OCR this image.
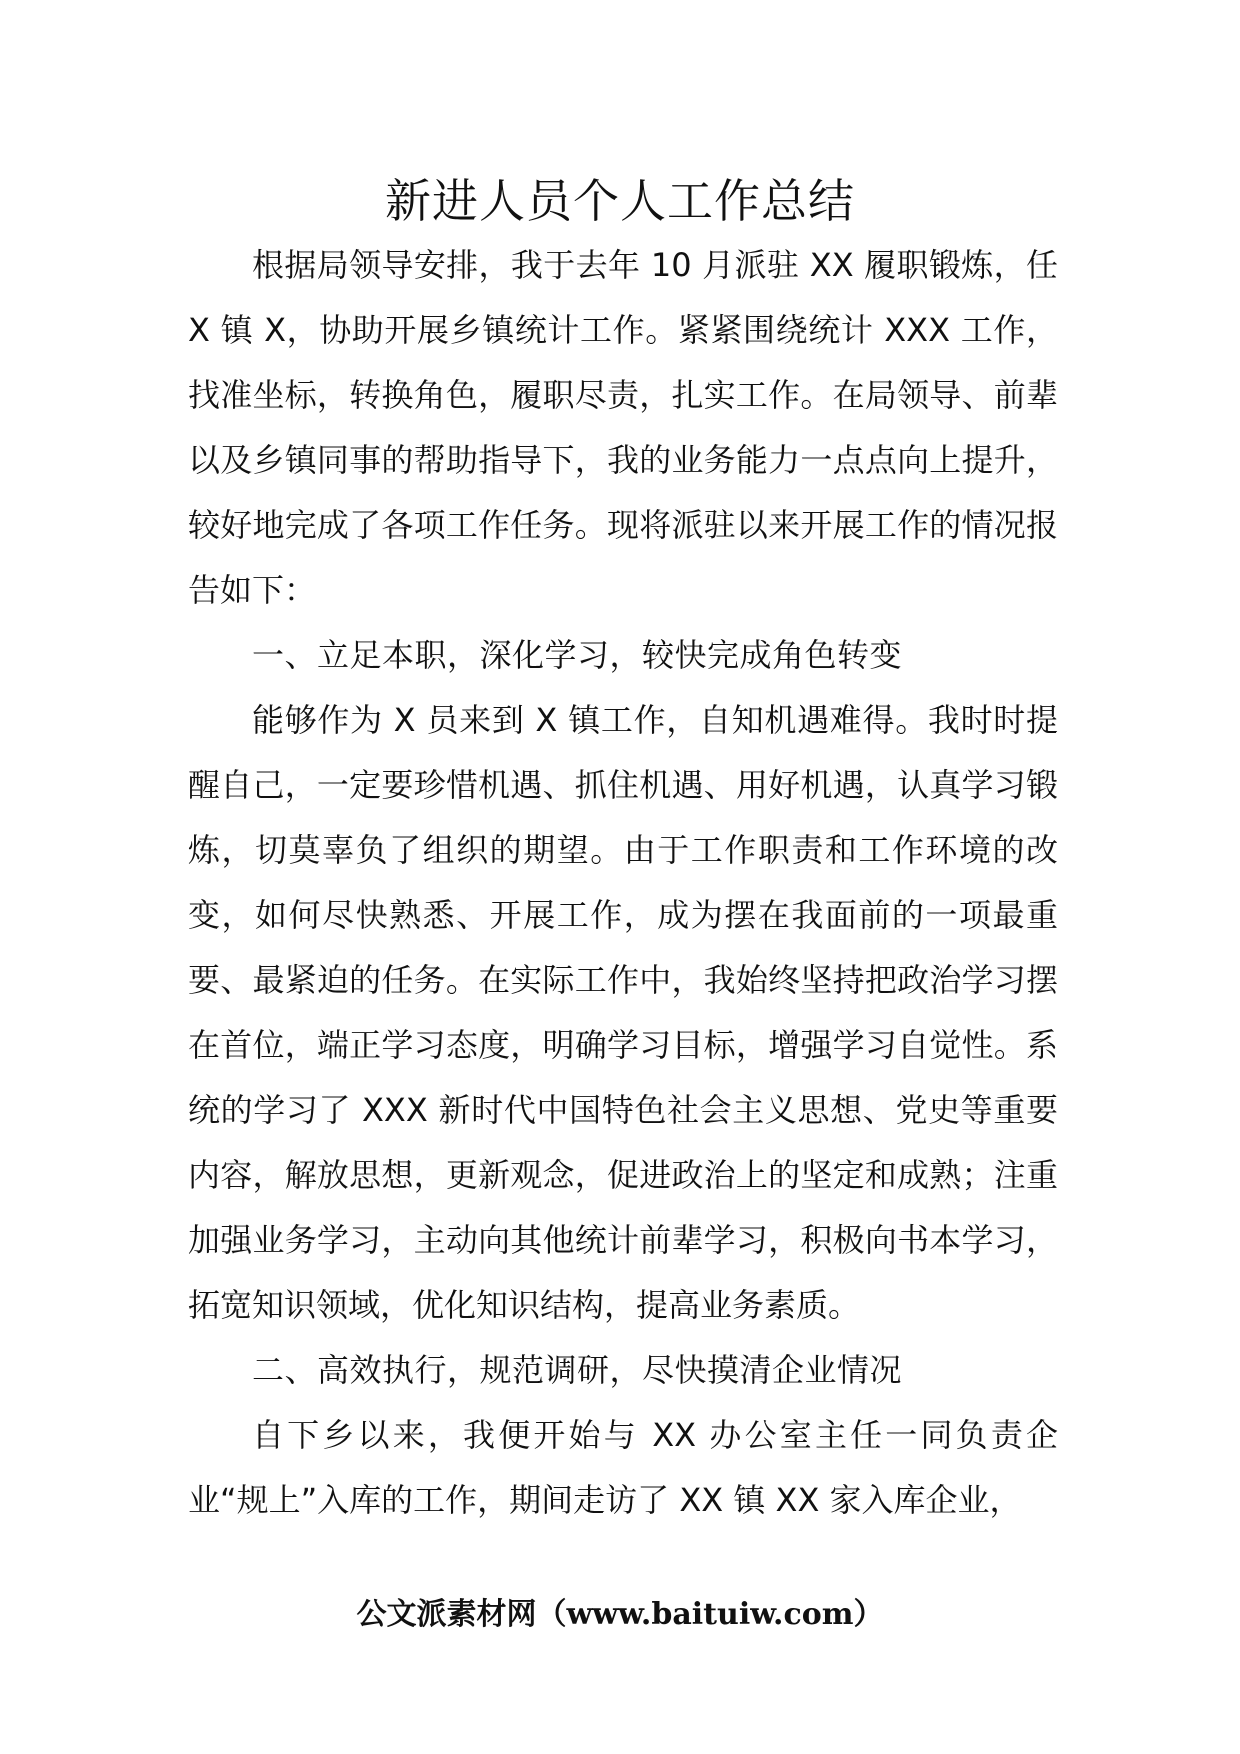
新进人员个人工作总结

根据局领导安排，我于去年 10 月派驻 XX 履职锻炼，任 X 镇 X，协助开展乡镇统计工作。紧紧围绕统计 XXX 工作，找准坐标，转换角色，履职尽责，扎实工作。在局领导、前辈以及乡镇同事的帮助指导下，我的业务能力一点点向上提升，较好地完成了各项工作任务。现将派驻以来开展工作的情况报告如下：

一、立足本职，深化学习，较快完成角色转变

能够作为 X 员来到 X 镇工作，自知机遇难得。我时时提醒自己，一定要珍惜机遇、抓住机遇、用好机遇，认真学习锻炼，切莫辜负了组织的期望。由于工作职责和工作环境的改变，如何尽快熟悉、开展工作，成为摆在我面前的一项最重要、最紧迫的任务。在实际工作中，我始终坚持把政治学习摆在首位，端正学习态度，明确学习目标，增强学习自觉性。系统的学习了 XXX 新时代中国特色社会主义思想、党史等重要内容，解放思想，更新观念，促进政治上的坚定和成熟；注重加强业务学习，主动向其他统计前辈学习，积极向书本学习，拓宽知识领域，优化知识结构，提高业务素质。

二、高效执行，规范调研，尽快摸清企业情况

自下乡以来，我便开始与 XX 办公室主任一同负责企业“规上”入库的工作，期间走访了 XX 镇 XX 家入库企业，

公文派素材网（www.baituiw.com）
